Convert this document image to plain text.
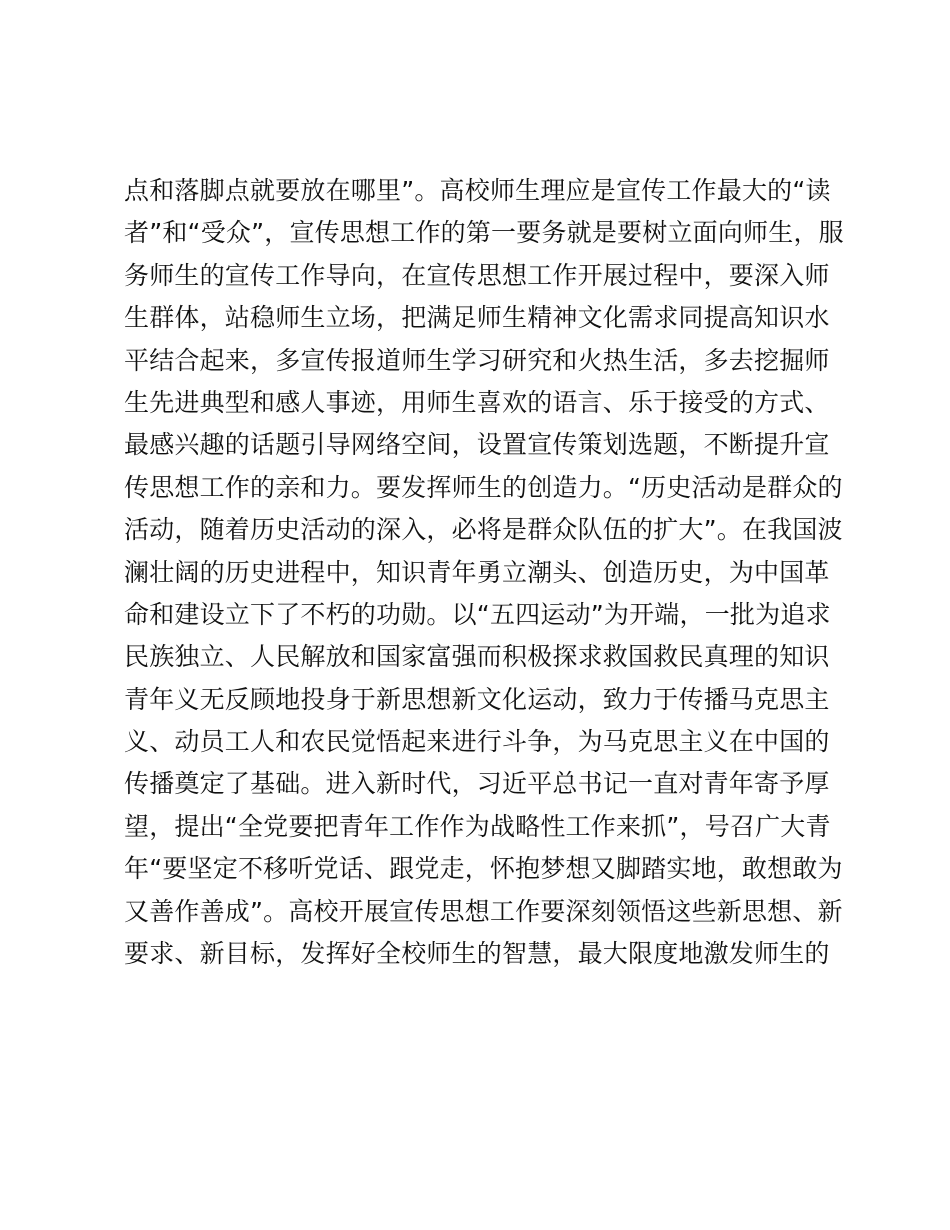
点和落脚点就要放在哪里”。高校师生理应是宣传工作最大的“读
者”和“受众”，宣传思想工作的第一要务就是要树立面向师生，服
务师生的宣传工作导向，在宣传思想工作开展过程中，要深入师
生群体，站稳师生立场，把满足师生精神文化需求同提高知识水
平结合起来，多宣传报道师生学习研究和火热生活，多去挖掘师
生先进典型和感人事迹，用师生喜欢的语言、乐于接受的方式、
最感兴趣的话题引导网络空间，设置宣传策划选题，不断提升宣
传思想工作的亲和力。要发挥师生的创造力。“历史活动是群众的
活动，随着历史活动的深入，必将是群众队伍的扩大”。在我国波
澜壮阔的历史进程中，知识青年勇立潮头、创造历史，为中国革
命和建设立下了不朽的功勋。以“五四运动”为开端，一批为追求
民族独立、人民解放和国家富强而积极探求救国救民真理的知识
青年义无反顾地投身于新思想新文化运动，致力于传播马克思主
义、动员工人和农民觉悟起来进行斗争，为马克思主义在中国的
传播奠定了基础。进入新时代，习近平总书记一直对青年寄予厚
望，提出“全党要把青年工作作为战略性工作来抓”，号召广大青
年“要坚定不移听党话、跟党走，怀抱梦想又脚踏实地，敢想敢为
又善作善成”。高校开展宣传思想工作要深刻领悟这些新思想、新
要求、新目标，发挥好全校师生的智慧，最大限度地激发师生的
